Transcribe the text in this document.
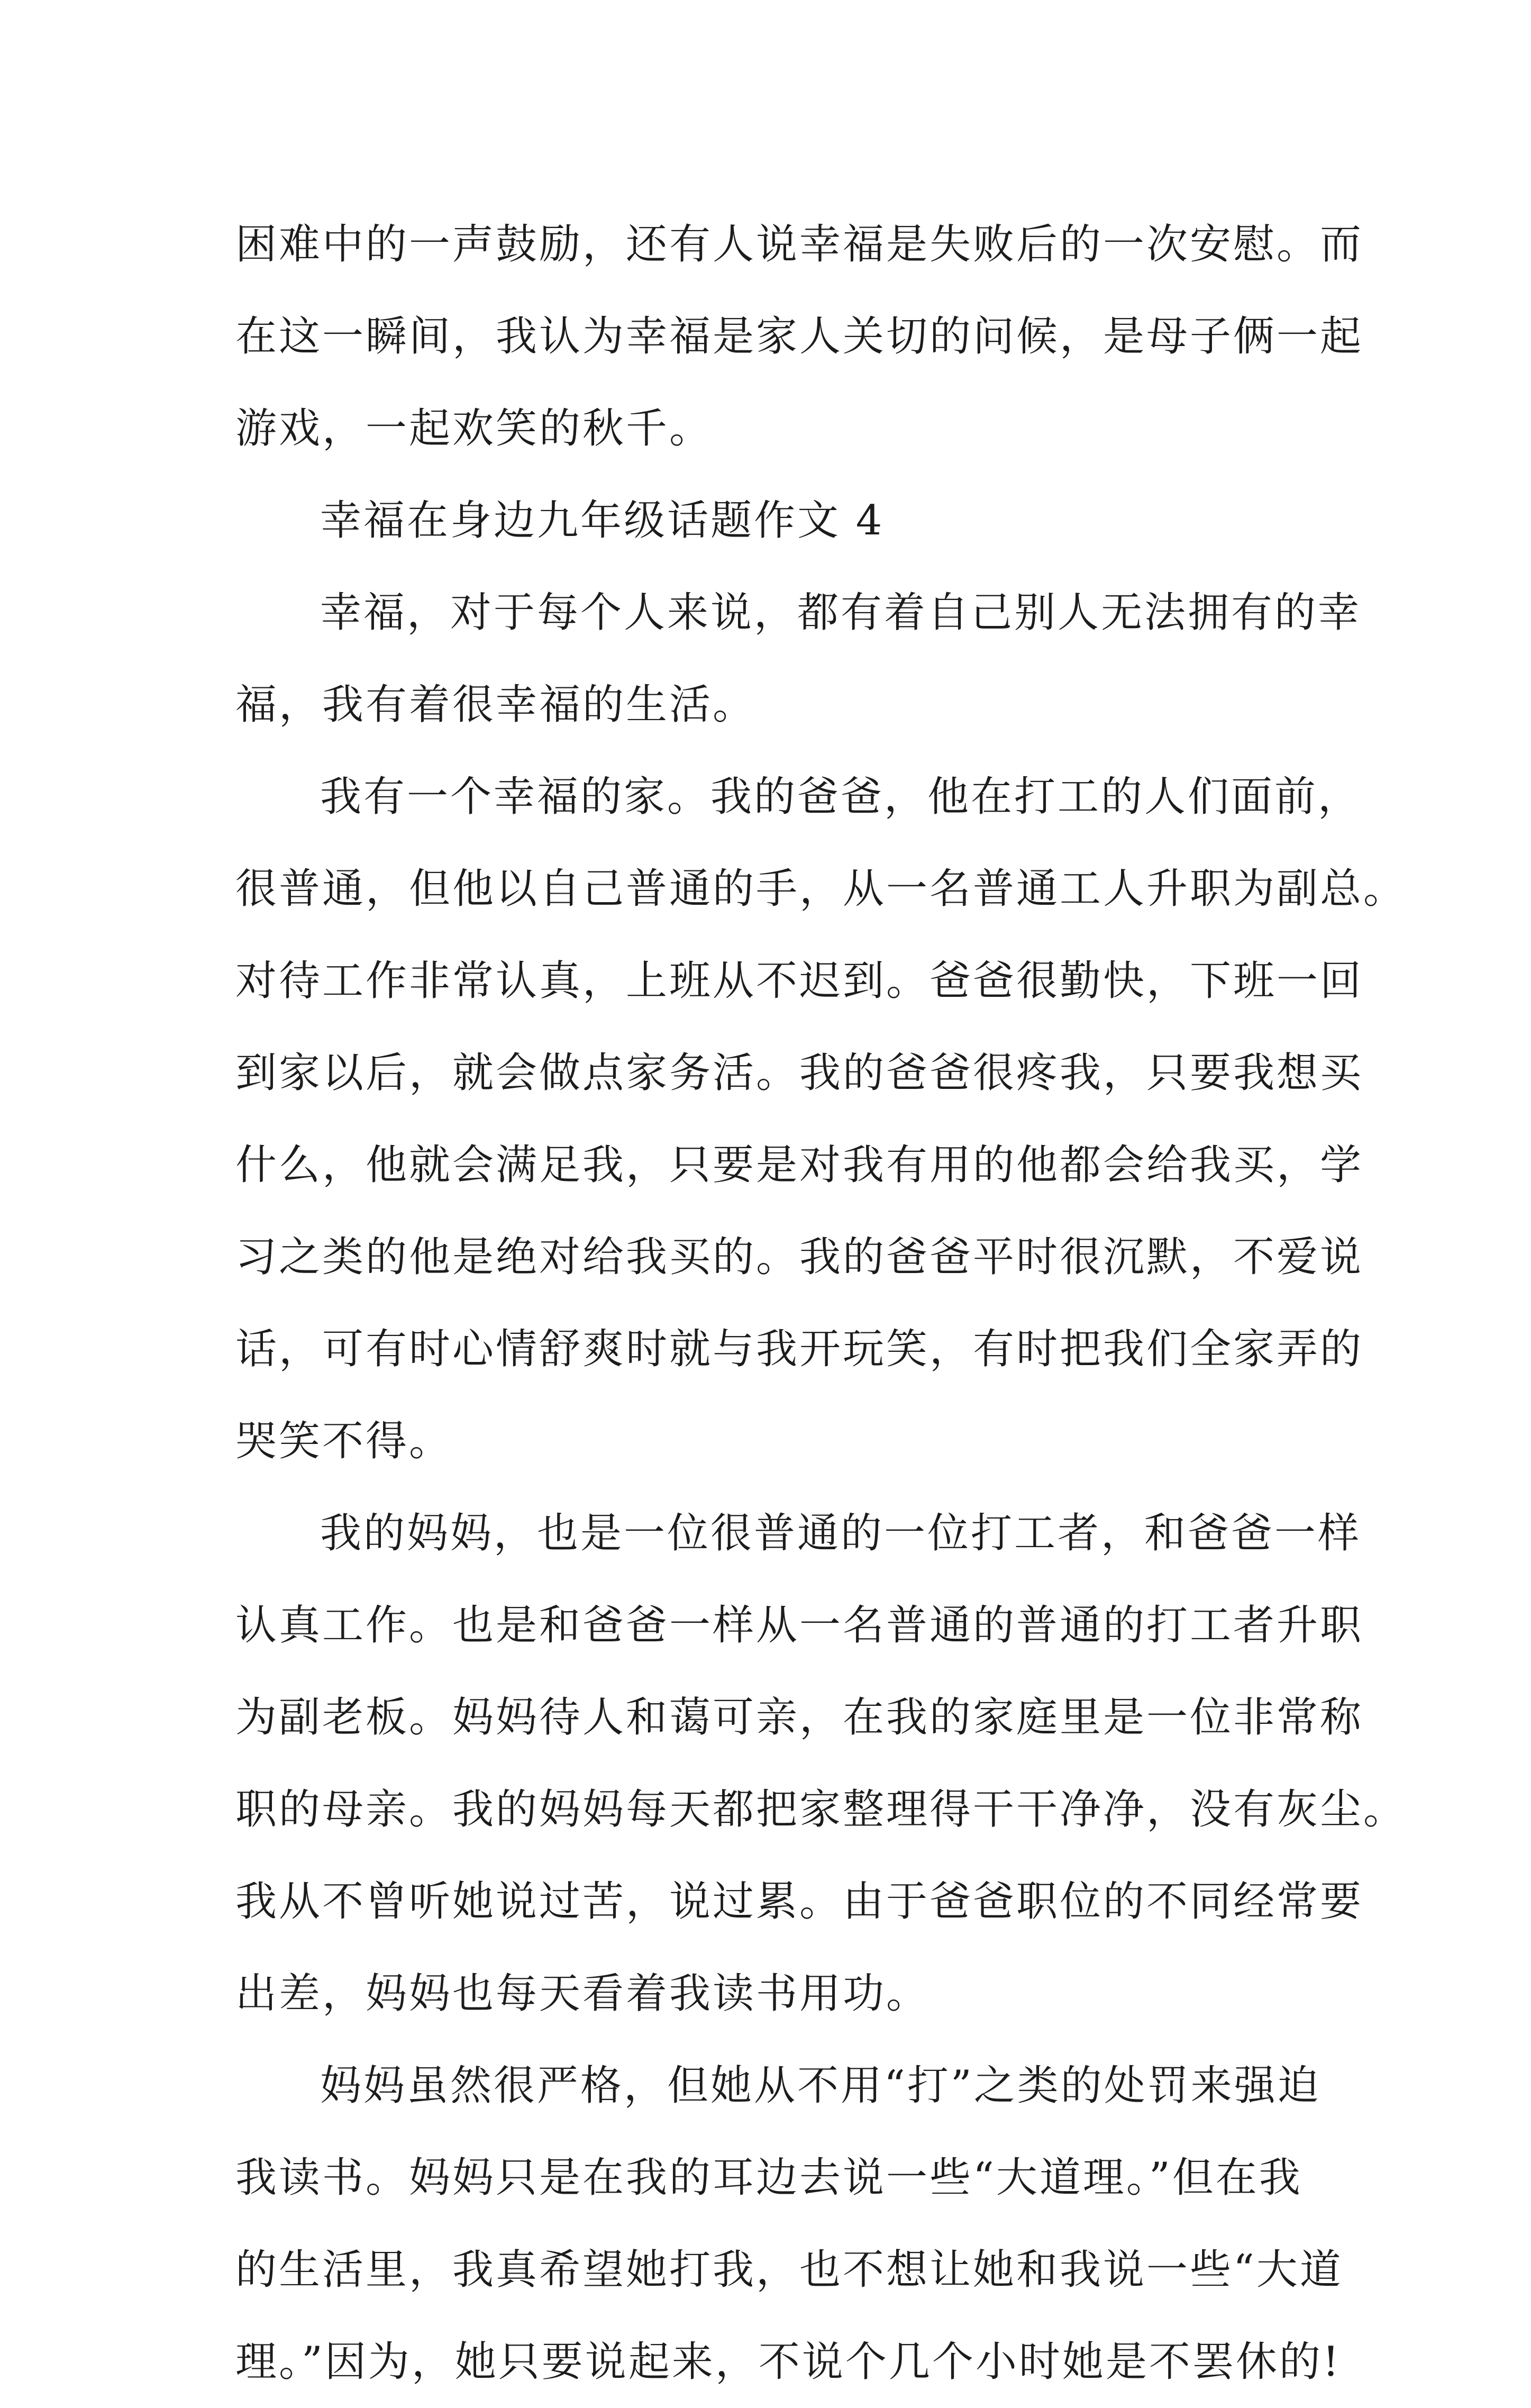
困难中的一声鼓励，还有人说幸福是失败后的一次安慰。而
在这一瞬间，我认为幸福是家人关切的问候，是母子俩一起
游戏，一起欢笑的秋千。
幸福在身边九年级话题作文 4
幸福，对于每个人来说，都有着自己别人无法拥有的幸
福，我有着很幸福的生活。
我有一个幸福的家。我的爸爸，他在打工的人们面前，
很普通，但他以自己普通的手，从一名普通工人升职为副总。
对待工作非常认真，上班从不迟到。爸爸很勤快，下班一回
到家以后，就会做点家务活。我的爸爸很疼我，只要我想买
什么，他就会满足我，只要是对我有用的他都会给我买，学
习之类的他是绝对给我买的。我的爸爸平时很沉默，不爱说
话，可有时心情舒爽时就与我开玩笑，有时把我们全家弄的
哭笑不得。
我的妈妈，也是一位很普通的一位打工者，和爸爸一样
认真工作。也是和爸爸一样从一名普通的普通的打工者升职
为副老板。妈妈待人和蔼可亲，在我的家庭里是一位非常称
职的母亲。我的妈妈每天都把家整理得干干净净，没有灰尘。
我从不曾听她说过苦，说过累。由于爸爸职位的不同经常要
出差，妈妈也每天看着我读书用功。
妈妈虽然很严格，但她从不用“打”之类的处罚来强迫
我读书。妈妈只是在我的耳边去说一些“大道理。”但在我
的生活里，我真希望她打我，也不想让她和我说一些“大道
理。”因为，她只要说起来，不说个几个小时她是不罢休的!
